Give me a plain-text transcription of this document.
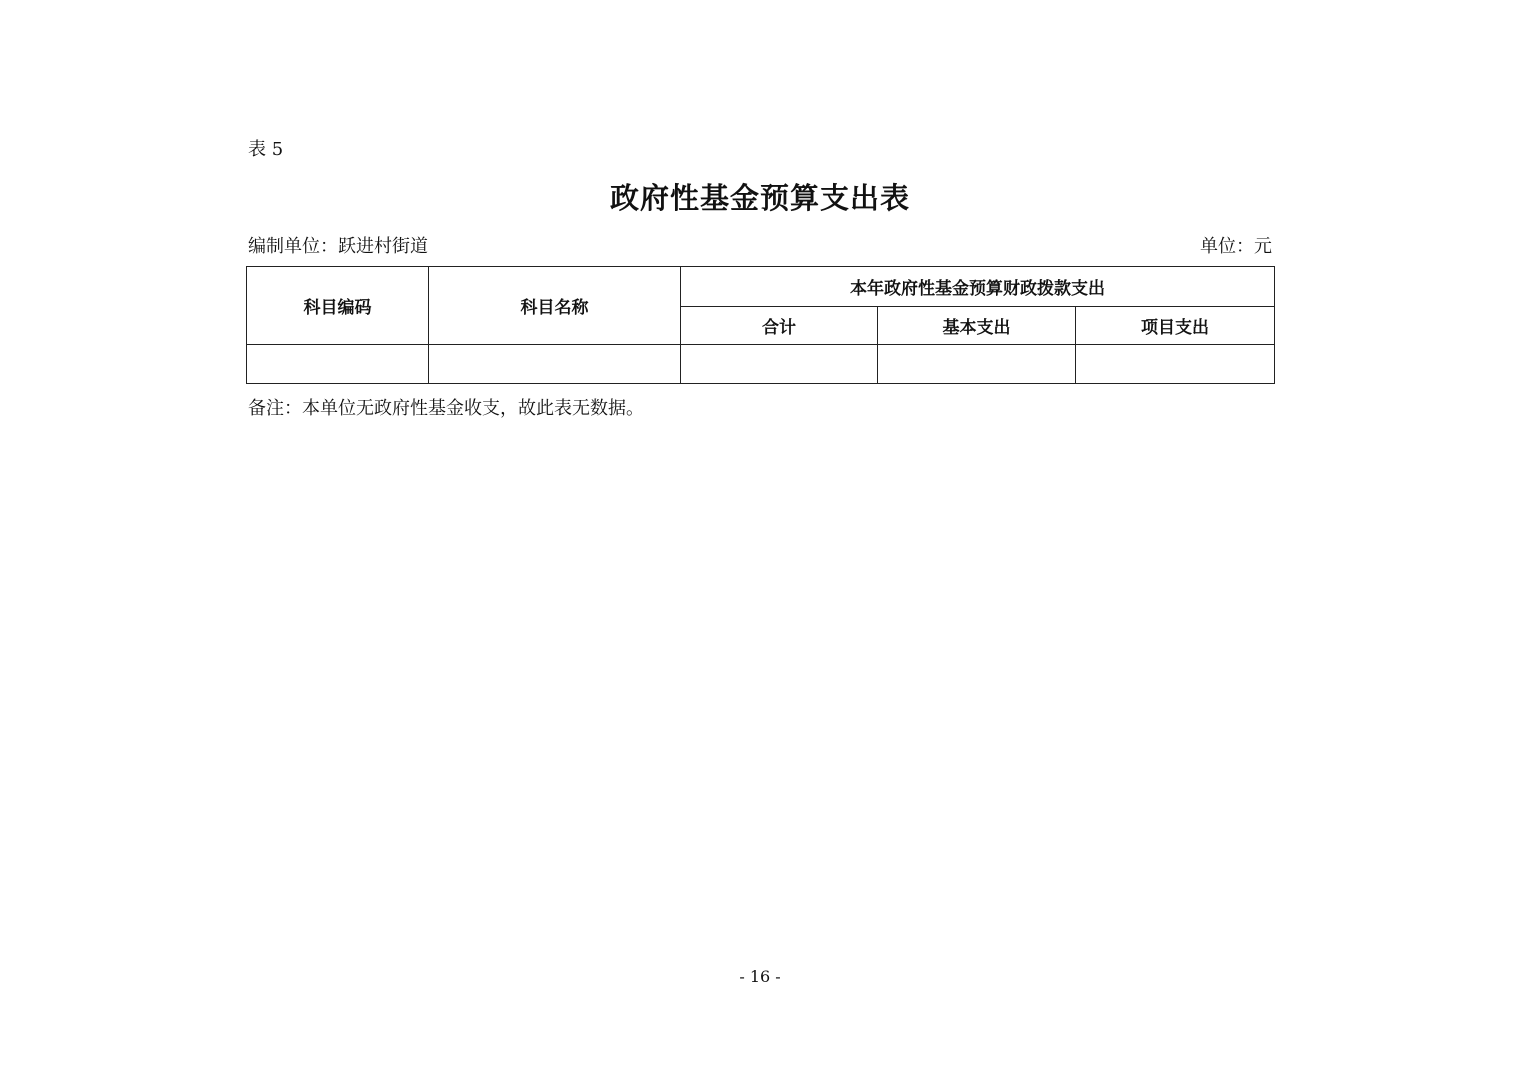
表 5
政府性基金预算支出表
编制单位：跃进村街道	单位：元
科目编码	科目名称	本年政府性基金预算财政拨款支出		
		合计	基本支出	项目支出

备注：本单位无政府性基金收支，故此表无数据。
- 16 -
